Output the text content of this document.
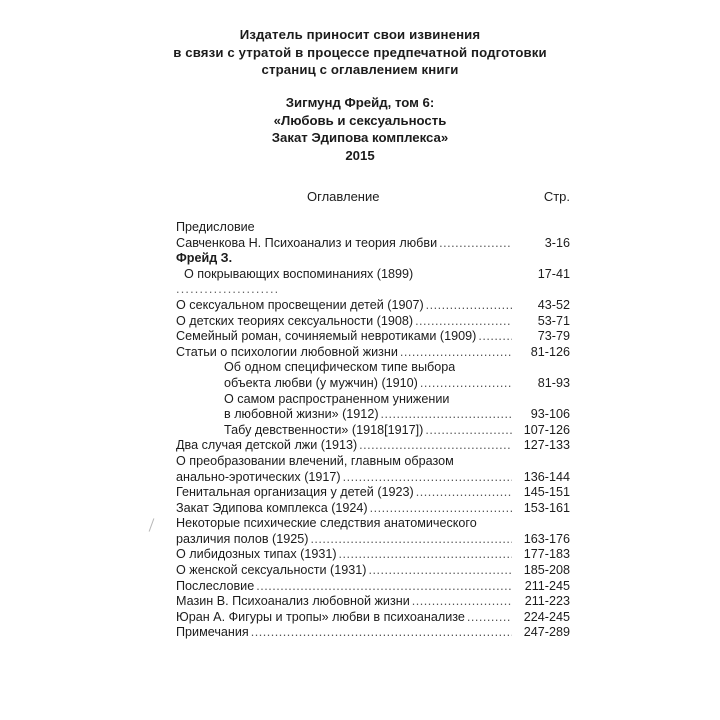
Издатель приносит свои извинения
в связи с утратой в процессе предпечатной подготовки
страниц с оглавлением книги
Зигмунд Фрейд, том 6:
«Любовь и сексуальность
Закат Эдипова комплекса»
2015
Оглавление	Стр.
Предисловие
Савченкова Н. Психоанализ и теория любви .....	3-16
Фрейд З.
О покрывающих воспоминаниях (1899)	17-41
......................
О сексуальном просвещении детей (1907) .....	43-52
О детских теориях сексуальности (1908) .....	53-71
Семейный роман, сочиняемый невротиками (1909) .....	73-79
Статьи о психологии любовной жизни .....	81-126
Об одном специфическом типе выбора
объекта любви (у мужчин) (1910) .....	81-93
О самом распространенном унижении
в любовной жизни» (1912) .....	93-106
Табу девственности» (1918[1917]) .....	107-126
Два случая детской лжи (1913) .....	127-133
О преобразовании влечений, главным образом
анально-эротических (1917) .....	136-144
Генитальная организация у детей (1923) .....	145-151
Закат Эдипова комплекса (1924) .....	153-161
Некоторые психические следствия анатомического
различия полов (1925) .....	163-176
О либидозных типах (1931) .....	177-183
О женской сексуальности (1931) .....	185-208
Послесловие .....	211-245
Мазин В. Психоанализ любовной жизни .....	211-223
Юран А. Фигуры и тропы» любви в психоанализе .....	224-245
Примечания .....	247-289
